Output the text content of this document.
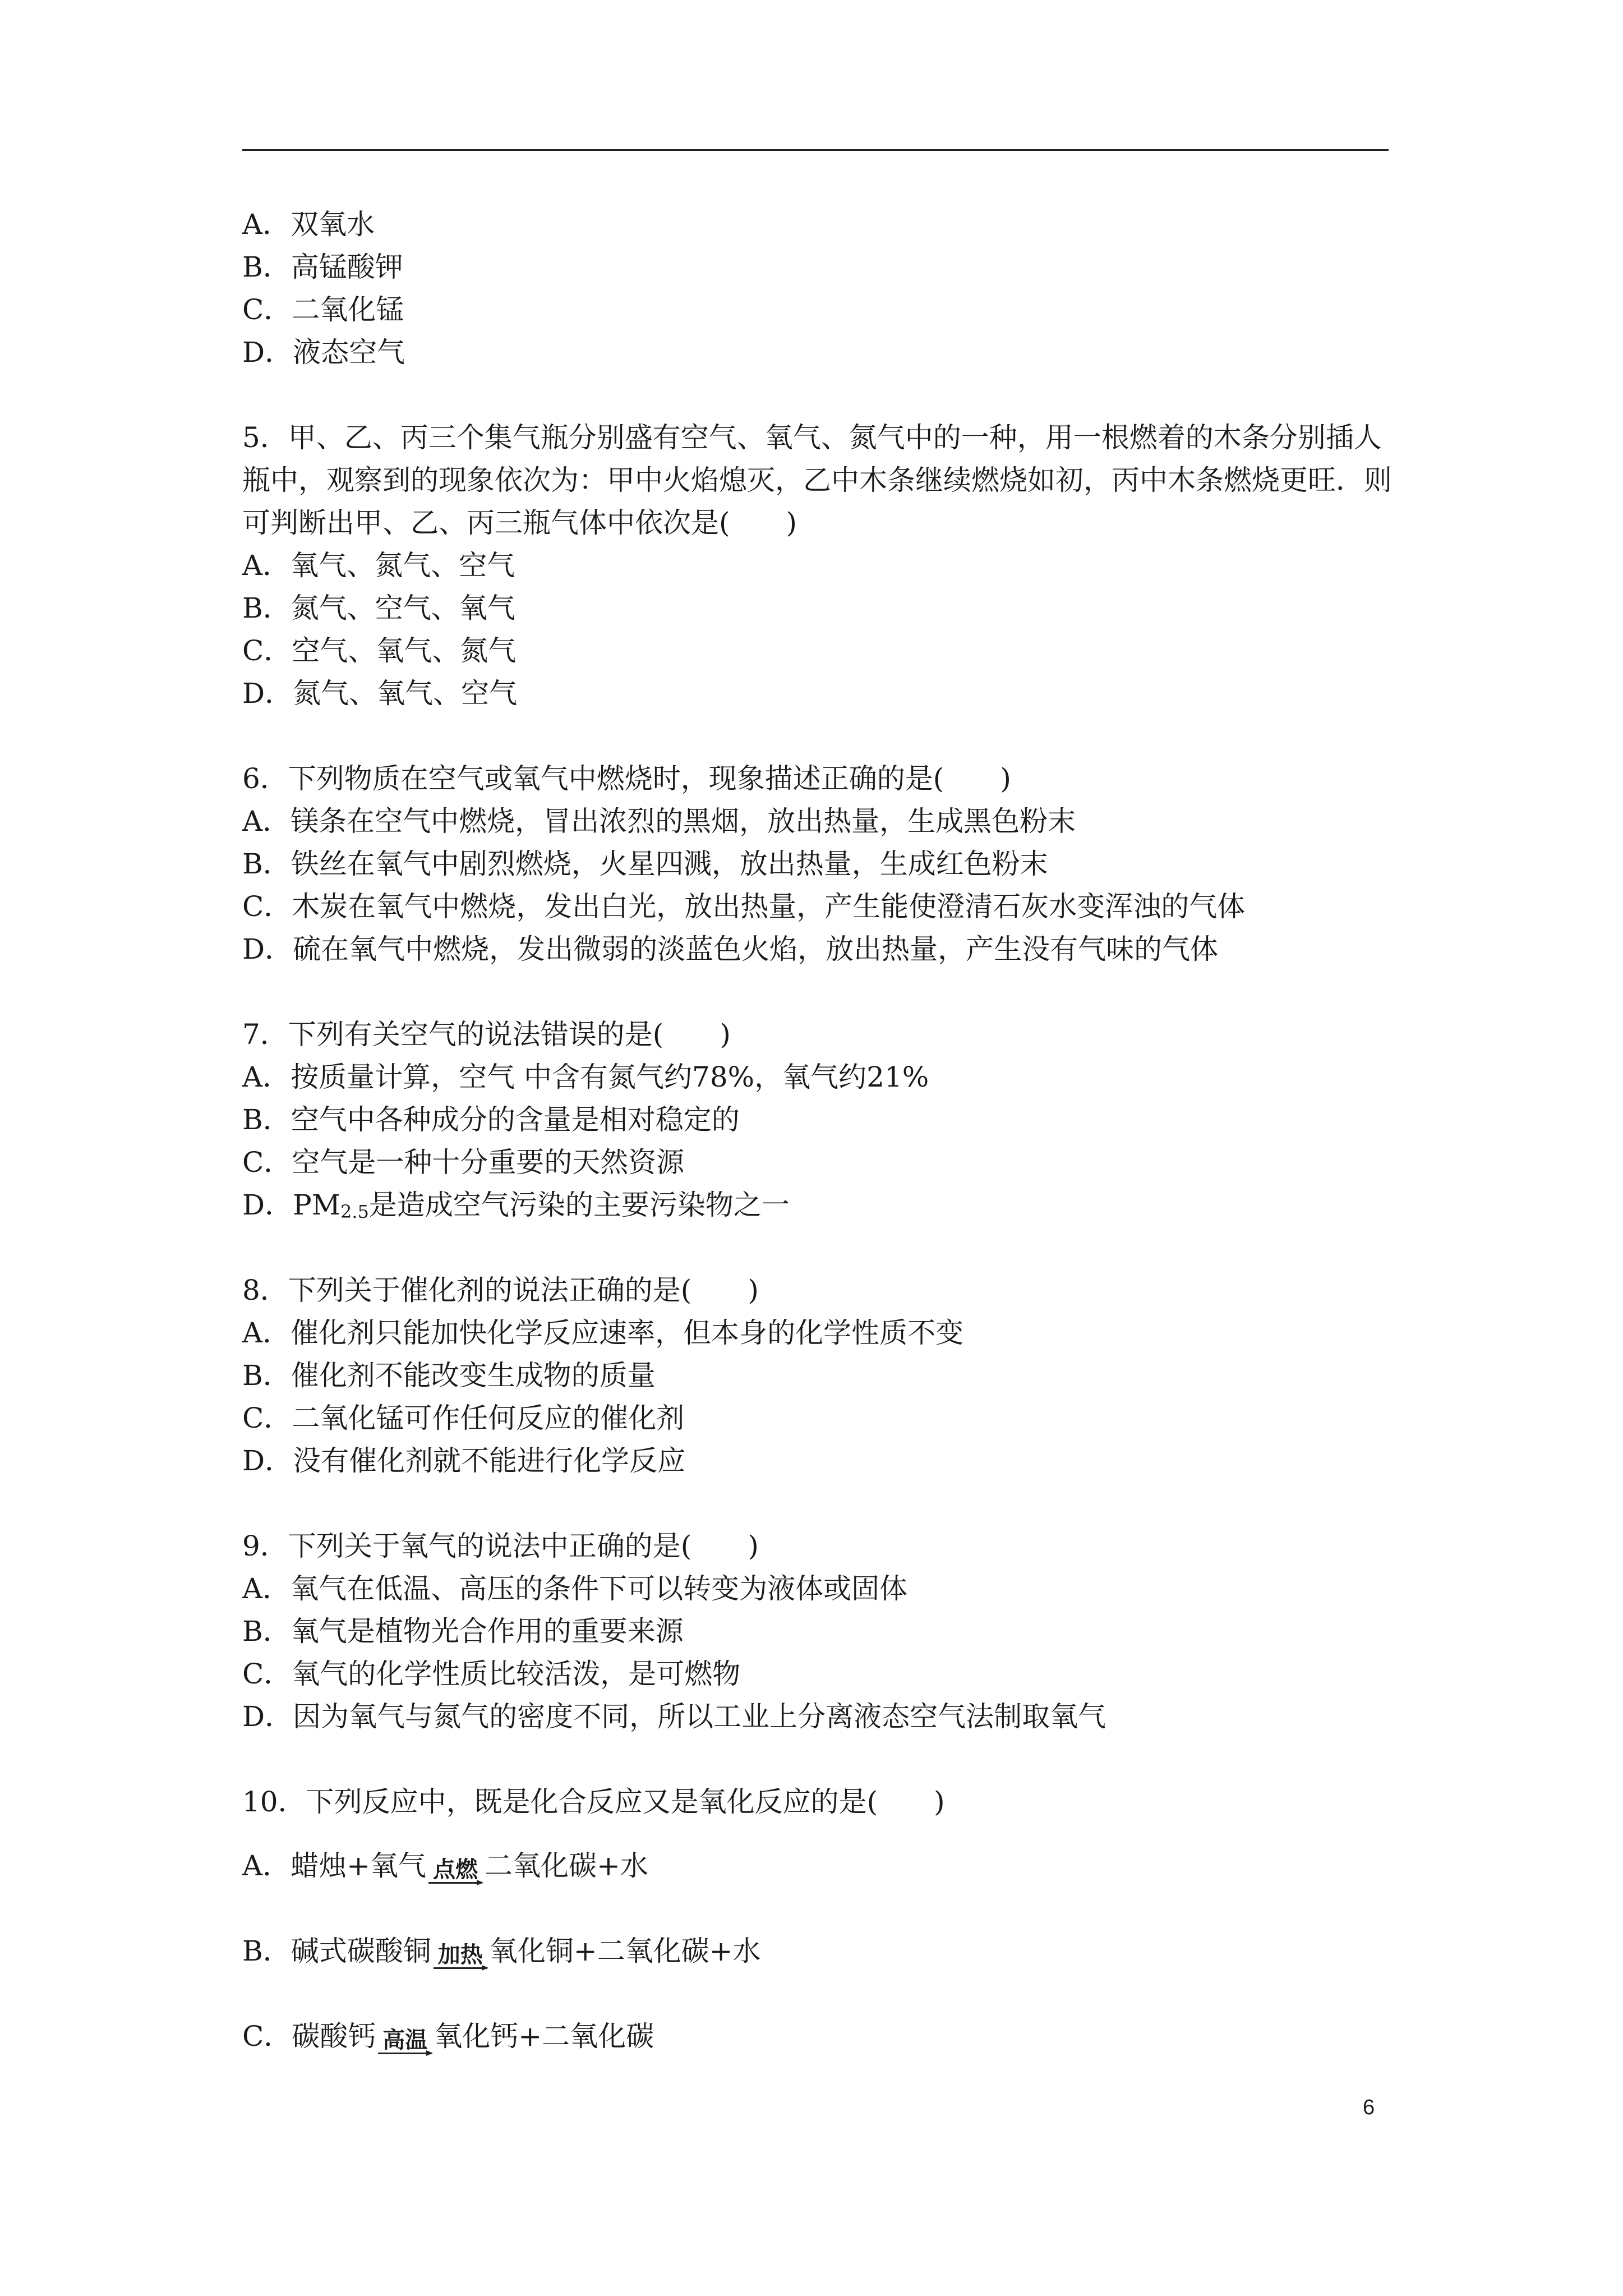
A．双氧水
B．高锰酸钾
C．二氧化锰
D．液态空气
5．甲、乙、丙三个集气瓶分别盛有空气、氧气、氮气中的一种，用一根燃着的木条分别插人瓶中，观察到的现象依次为：甲中火焰熄灭，乙中木条继续燃烧如初，丙中木条燃烧更旺．则可判断出甲、乙、丙三瓶气体中依次是(　　)
A．氧气、氮气、空气
B．氮气、空气、氧气
C．空气、氧气、氮气
D．氮气、氧气、空气
6．下列物质在空气或氧气中燃烧时，现象描述正确的是(　　)
A．镁条在空气中燃烧，冒出浓烈的黑烟，放出热量，生成黑色粉末
B．铁丝在氧气中剧烈燃烧，火星四溅，放出热量，生成红色粉末
C．木炭在氧气中燃烧，发出白光，放出热量，产生能使澄清石灰水变浑浊的气体
D．硫在氧气中燃烧，发出微弱的淡蓝色火焰，放出热量，产生没有气味的气体
7．下列有关空气的说法错误的是(　　)
A．按质量计算，空气 中含有氮气约78%，氧气约21%
B．空气中各种成分的含量是相对稳定的
C．空气是一种十分重要的天然资源
D．$PM_{2.5}$是造成空气污染的主要污染物之一
8．下列关于催化剂的说法正确的是(　　)
A．催化剂只能加快化学反应速率，但本身的化学性质不变
B．催化剂不能改变生成物的质量
C．二氧化锰可作任何反应的催化剂
D．没有催化剂就不能进行化学反应
9．下列关于氧气的说法中正确的是(　　)
A．氧气在低温、高压的条件下可以转变为液体或固体
B．氧气是植物光合作用的重要来源
C．氧气的化学性质比较活泼，是可燃物
D．因为氧气与氮气的密度不同，所以工业上分离液态空气法制取氧气
10．下列反应中，既是化合反应又是氧化反应的是(　　)
A．蜡烛+氧气 点燃 二氧化碳+水
B．碱式碳酸铜 加热 氧化铜+二氧化碳+水
C．碳酸钙 高温 氧化钙+二氧化碳
6
